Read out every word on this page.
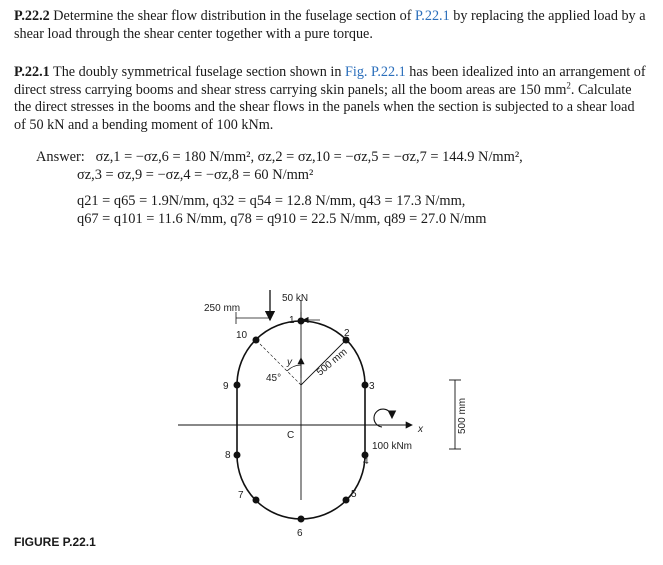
P.22.2 Determine the shear flow distribution in the fuselage section of P.22.1 by replacing the applied load by a shear load through the shear center together with a pure torque.
P.22.1 The doubly symmetrical fuselage section shown in Fig. P.22.1 has been idealized into an arrangement of direct stress carrying booms and shear stress carrying skin panels; all the boom areas are 150 $mm^2$. Calculate the direct stresses in the booms and the shear flows in the panels when the section is subjected to a shear load of 50 kN and a bending moment of 100 kNm.
Answer: σz,1 = −σz,6 = 180 N/mm², σz,2 = σz,10 = −σz,5 = −σz,7 = 144.9 N/mm²,
σz,3 = σz,9 = −σz,4 = −σz,8 = 60 N/mm²
q21 = q65 = 1.9N/mm, q32 = q54 = 12.8 N/mm, q43 = 17.3 N/mm,
q67 = q101 = 11.6 N/mm, q78 = q910 = 22.5 N/mm, q89 = 27.0 N/mm
50 kN
250 mm
45°
500 mm
y
x
C
100 kNm
500 mm
1
2
3
4
5
6
7
8
9
10
FIGURE P.22.1
